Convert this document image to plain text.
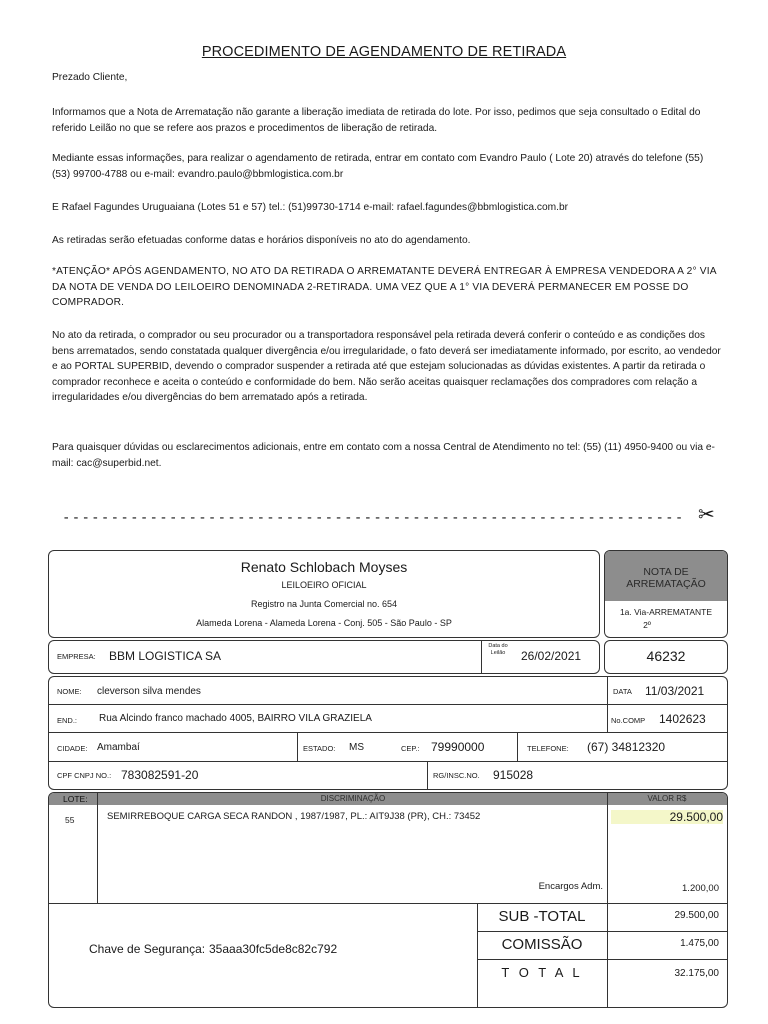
PROCEDIMENTO DE AGENDAMENTO DE RETIRADA
Prezado Cliente,
Informamos que a Nota de Arrematação não garante a liberação imediata de retirada do lote. Por isso, pedimos que seja consultado o Edital do referido Leilão no que se refere aos prazos e procedimentos de liberação de retirada.
Mediante essas informações, para realizar o agendamento de retirada, entrar em contato com Evandro Paulo ( Lote 20) através do telefone (55) (53) 99700-4788 ou e-mail: evandro.paulo@bbmlogistica.com.br
E Rafael Fagundes Uruguaiana (Lotes 51 e 57) tel.: (51)99730-1714 e-mail: rafael.fagundes@bbmlogistica.com.br
As retiradas serão efetuadas conforme datas e horários disponíveis no ato do agendamento.
*ATENÇÃO* APÓS AGENDAMENTO, NO ATO DA RETIRADA O ARREMATANTE DEVERÁ ENTREGAR À EMPRESA VENDEDORA A 2° VIA DA NOTA DE VENDA DO LEILOEIRO DENOMINADA 2-RETIRADA. UMA VEZ QUE A 1° VIA DEVERÁ PERMANECER EM POSSE DO COMPRADOR.
No ato da retirada, o comprador ou seu procurador ou a transportadora responsável pela retirada deverá conferir o conteúdo e as condições dos bens arrematados, sendo constatada qualquer divergência e/ou irregularidade, o fato deverá ser imediatamente informado, por escrito, ao vendedor e ao PORTAL SUPERBID, devendo o comprador suspender a retirada até que estejam solucionadas as dúvidas existentes. A partir da retirada o comprador reconhece e aceita o conteúdo e conformidade do bem. Não serão aceitas quaisquer reclamações dos compradores com relação a irregularidades e/ou divergências do bem arrematado após a retirada.
Para quaisquer dúvidas ou esclarecimentos adicionais, entre em contato com a nossa Central de Atendimento no tel: (55) (11) 4950-9400 ou via e-mail: cac@superbid.net.
---------------------------------------------------------------- ✂
Renato Schlobach Moyses
LEILOEIRO OFICIAL
Registro na Junta Comercial no. 654
Alameda Lorena - Alameda Lorena - Conj. 505 - São Paulo - SP
NOTA DE ARREMATAÇÃO
1a. Via-ARREMATANTE
2º
EMPRESA: BBM LOGISTICA SA
Data do Leilão	26/02/2021	46232
NOME: cleverson silva mendes	DATA 11/03/2021
END.: Rua Alcindo franco machado 4005, BAIRRO VILA GRAZIELA	No.COMP 1402623
CIDADE: Amambaí	ESTADO: MS	CEP.: 79990000	TELEFONE: (67) 34812320
CPF CNPJ NO.: 783082591-20	RG/INSC.NO. 915028
LOTE:	DISCRIMINAÇÃO	VALOR R$
55	SEMIRREBOQUE CARGA SECA RANDON , 1987/1987, PL.: AIT9J38 (PR), CH.: 73452	29.500,00
Encargos Adm.	1.200,00
Chave de Segurança: 35aaa30fc5de8c82c792
SUB -TOTAL	29.500,00
COMISSÃO	1.475,00
T O T A L	32.175,00
